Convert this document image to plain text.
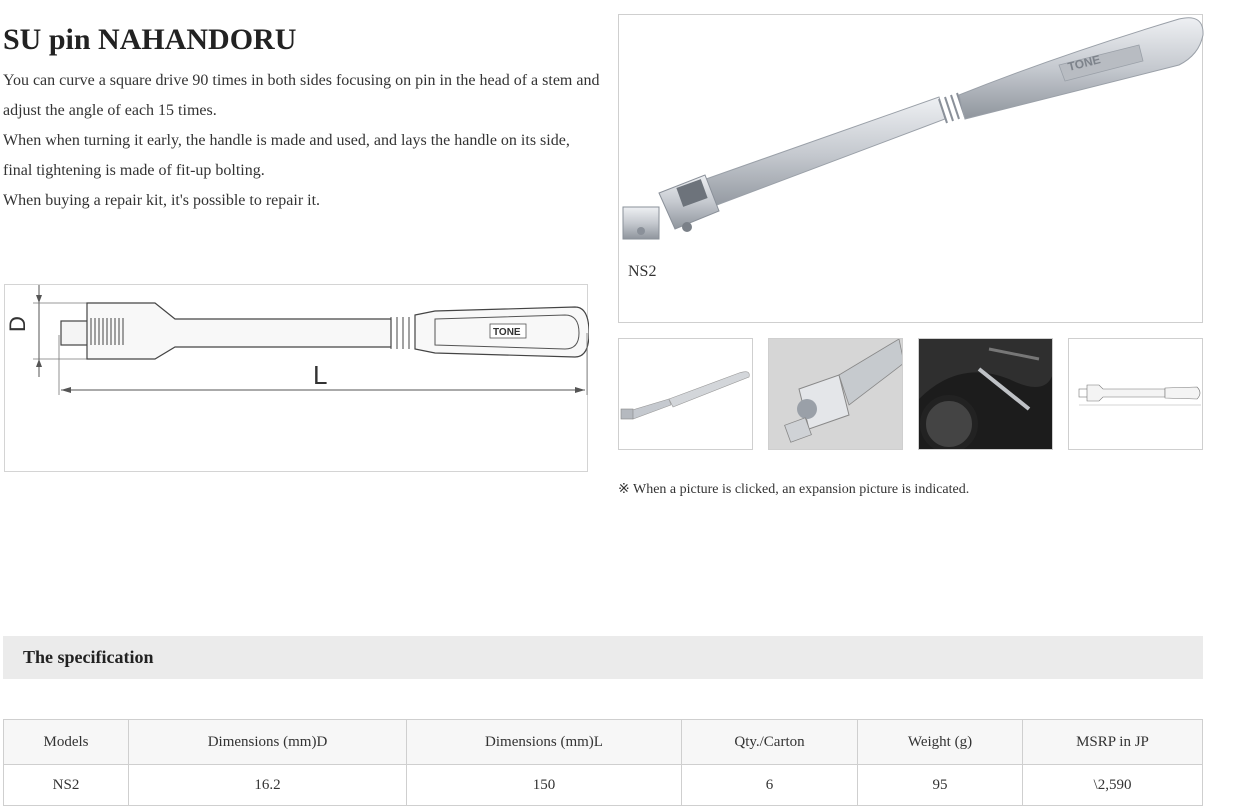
SU pin NAHANDORU

You can curve a square drive 90 times in both sides focusing on pin in the head of a stem and adjust the angle of each 15 times.

When when turning it early, the handle is made and used, and lays the handle on its side, final tightening is made of fit-up bolting.

When buying a repair kit, it's possible to repair it.

D
TONE
L
TONE
NS2
※ When a picture is clicked, an expansion picture is indicated.
The specification
Models	Dimensions (mm)D	Dimensions (mm)L	Qty./Carton	Weight (g)	MSRP in JP
NS2	16.2	150	6	95	\2,590
